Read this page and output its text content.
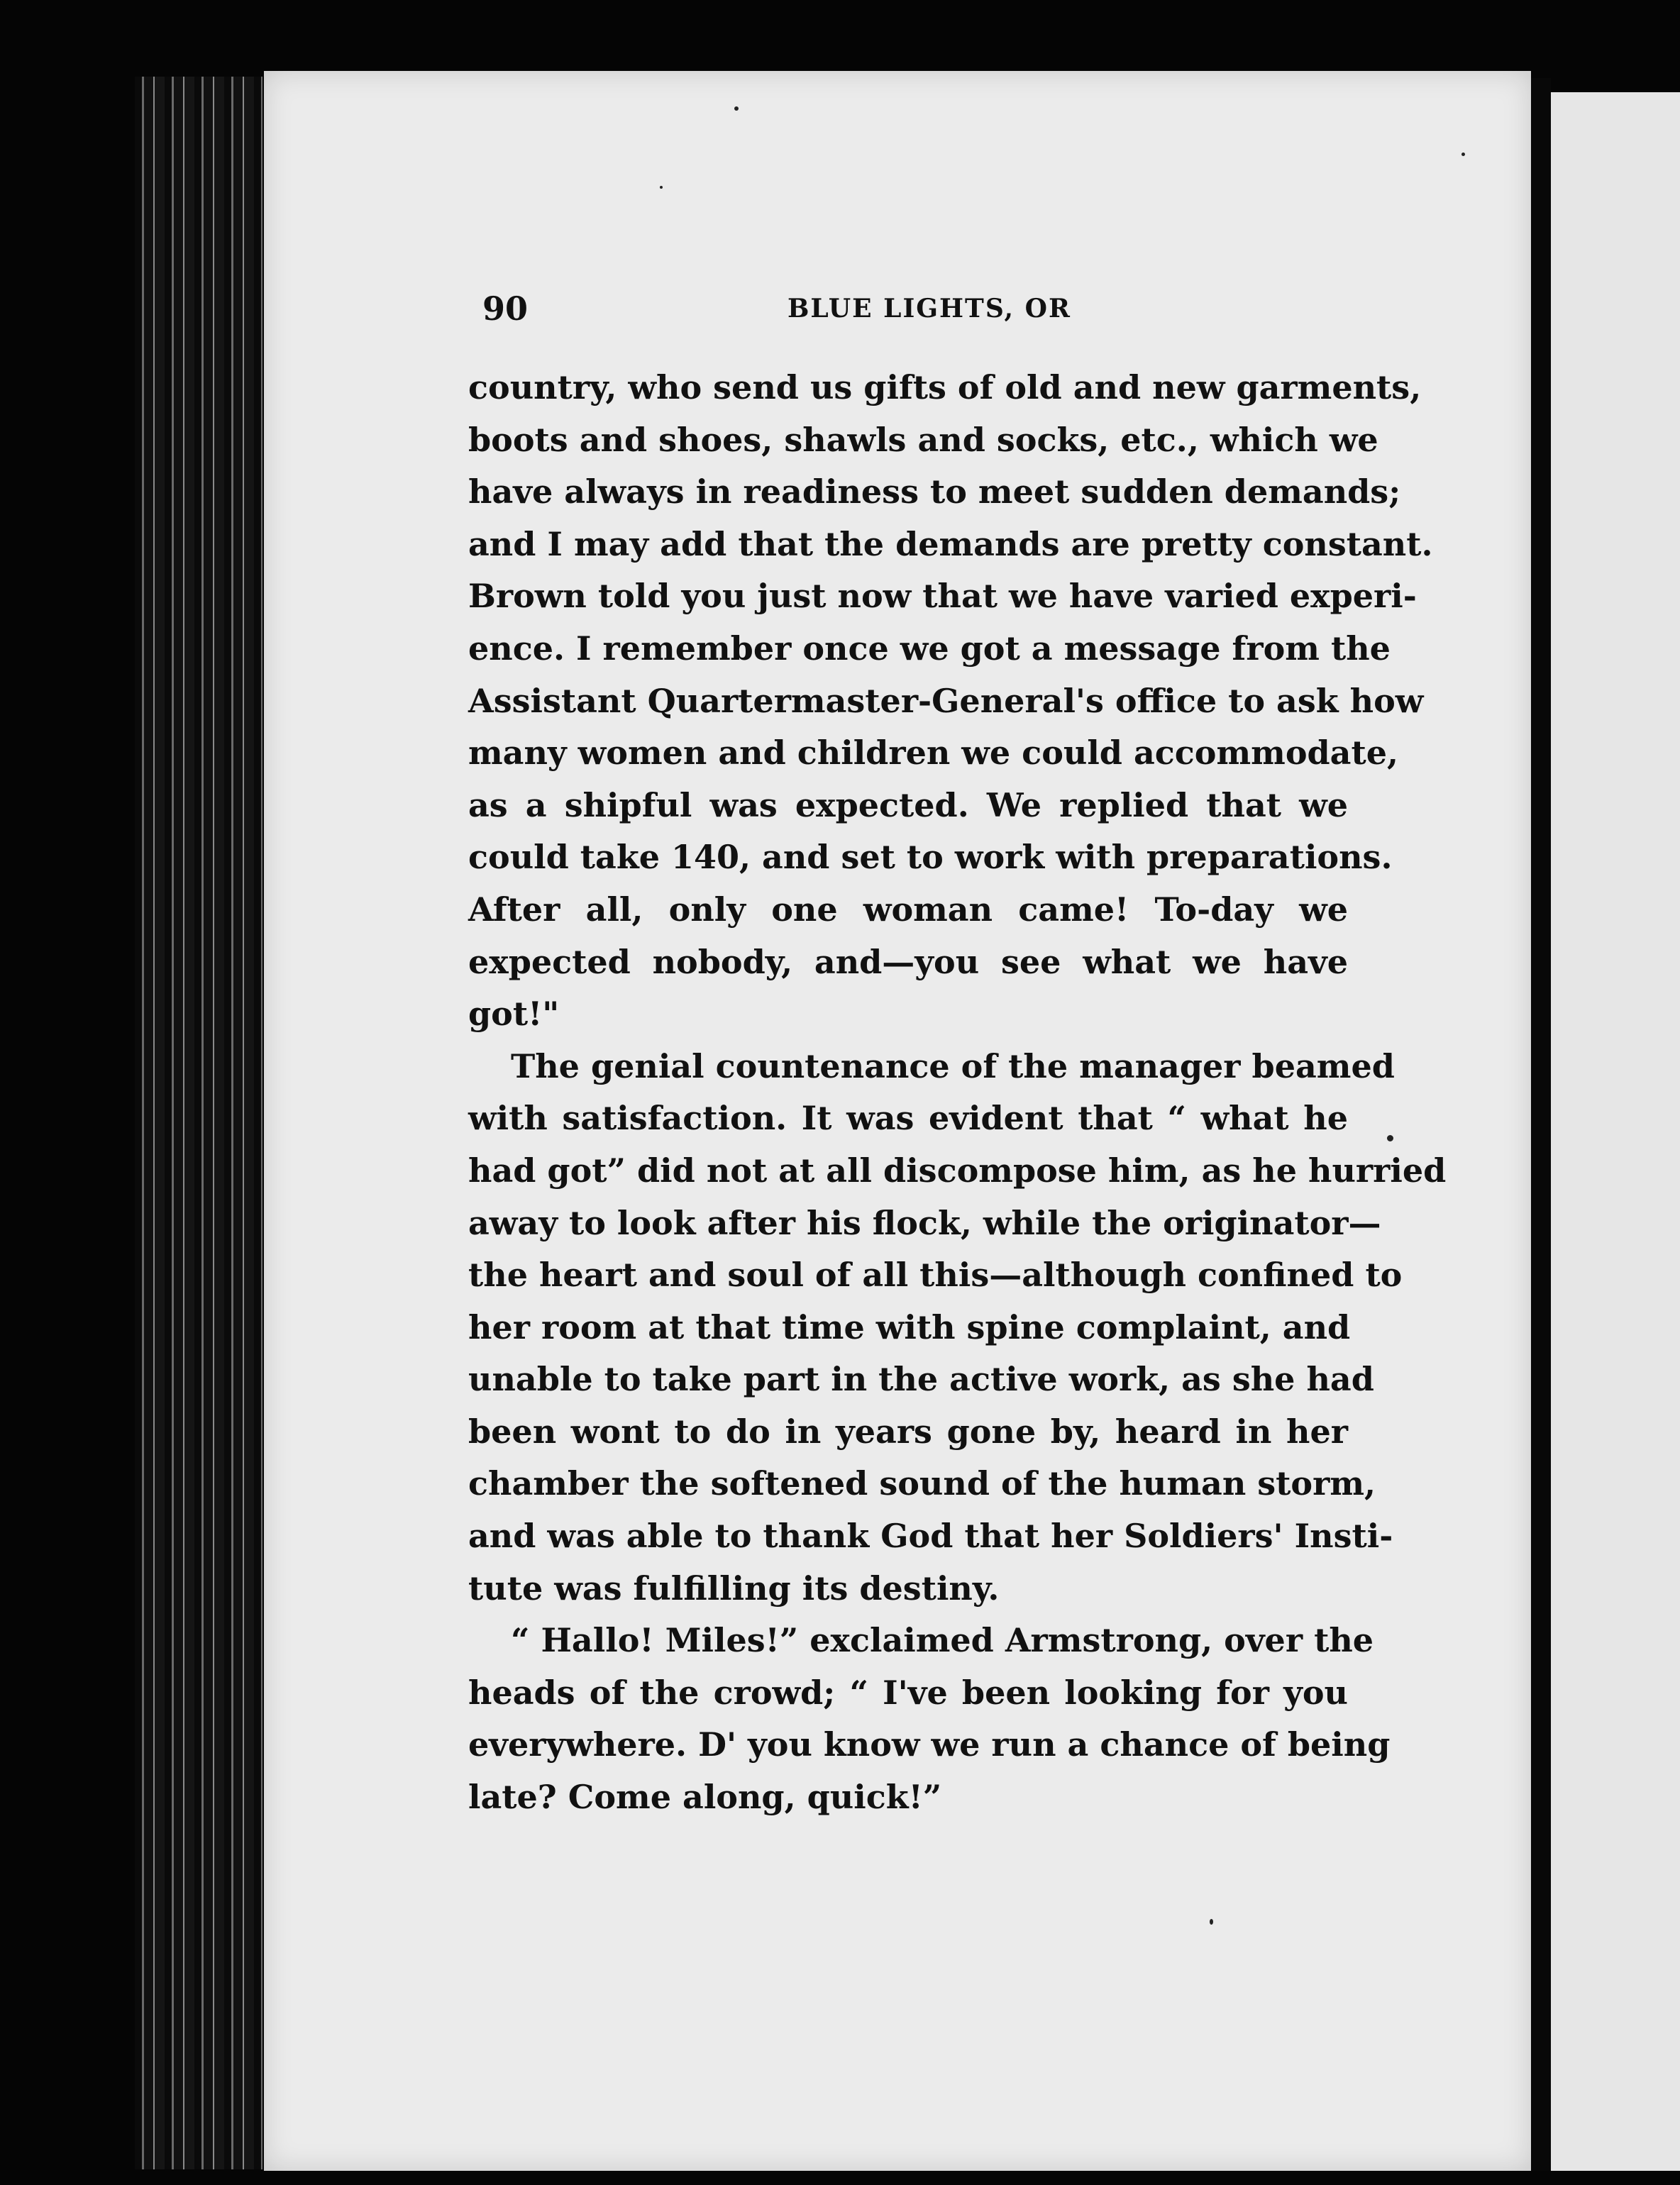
90	BLUE LIGHTS, OR
country, who send us gifts of old and new garments,
boots and shoes, shawls and socks, etc., which we
have always in readiness to meet sudden demands;
and I may add that the demands are pretty constant.
Brown told you just now that we have varied experi-
ence. I remember once we got a message from the
Assistant Quartermaster-General's office to ask how
many women and children we could accommodate,
as a shipful was expected. We replied that we
could take 140, and set to work with preparations.
After all, only one woman came! To-day we
expected nobody, and—you see what we have
got!"
The genial countenance of the manager beamed
with satisfaction. It was evident that “ what he
had got” did not at all discompose him, as he hurried
away to look after his flock, while the originator—
the heart and soul of all this—although confined to
her room at that time with spine complaint, and
unable to take part in the active work, as she had
been wont to do in years gone by, heard in her
chamber the softened sound of the human storm,
and was able to thank God that her Soldiers' Insti-
tute was fulfilling its destiny.
“ Hallo! Miles!” exclaimed Armstrong, over the
heads of the crowd; “ I've been looking for you
everywhere. D' you know we run a chance of being
late? Come along, quick!”
